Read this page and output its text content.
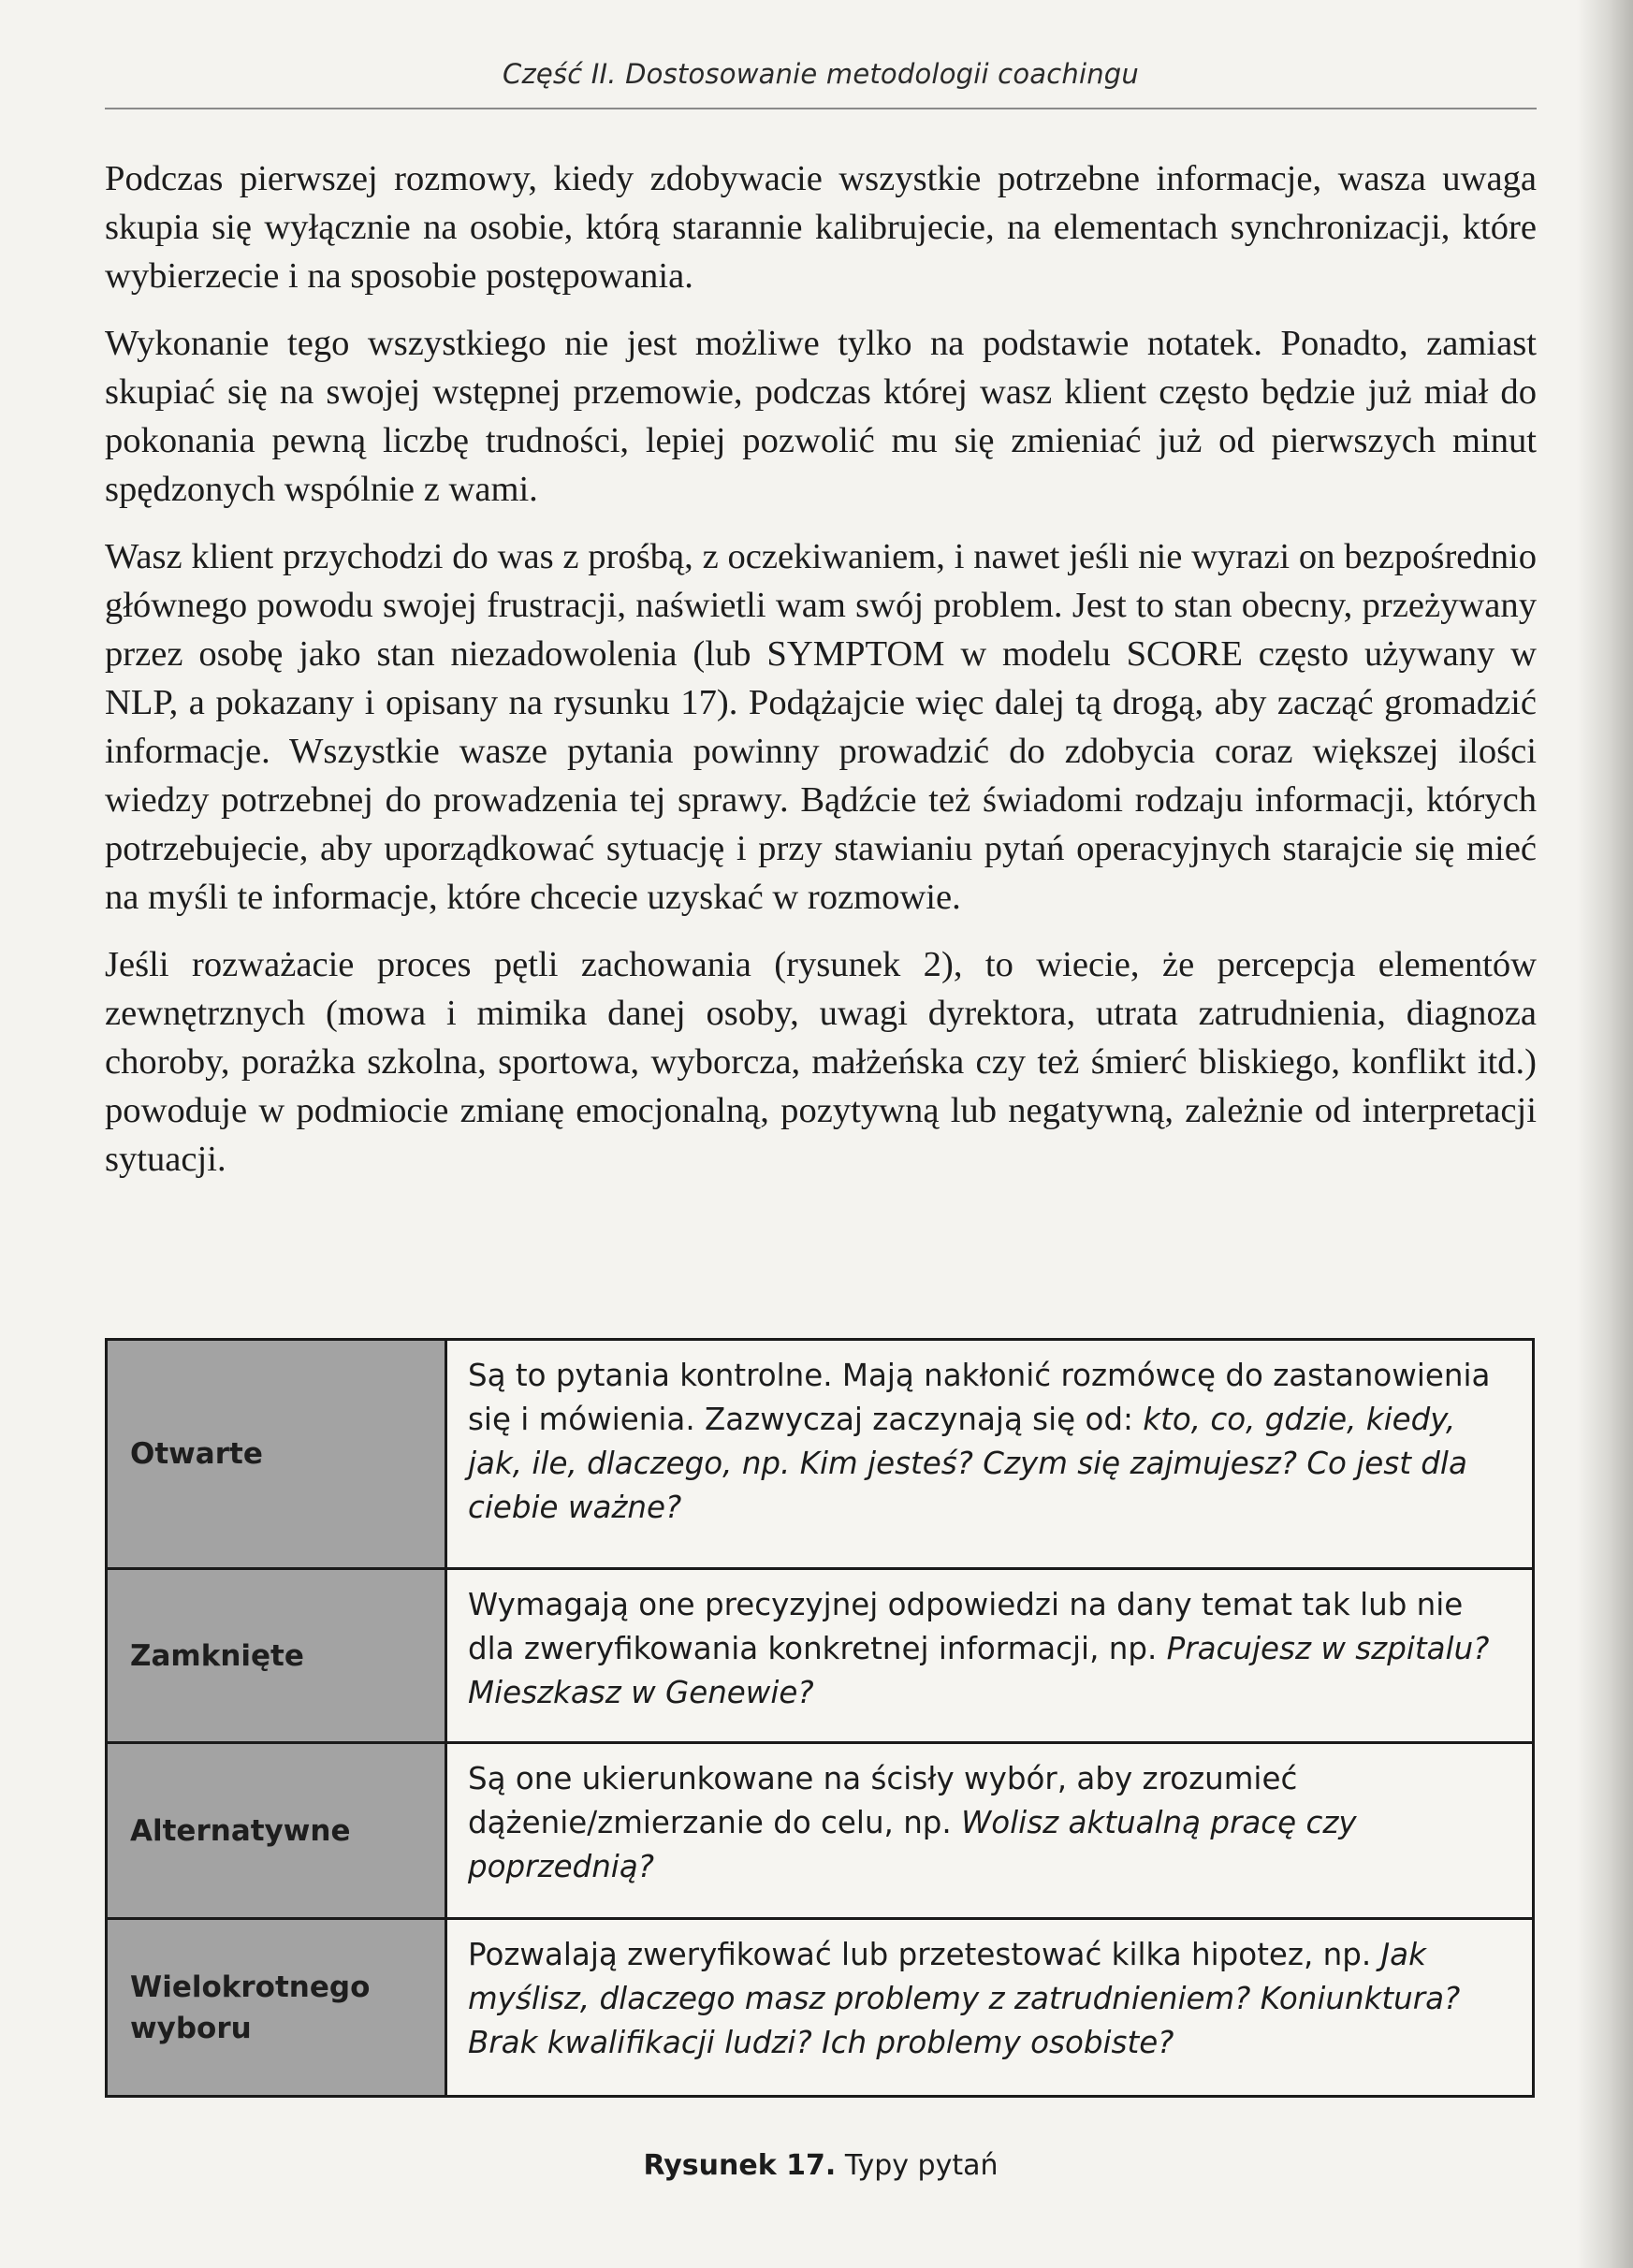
Część II. Dostosowanie metodologii coachingu

Podczas pierwszej rozmowy, kiedy zdobywacie wszystkie potrzebne informacje, wasza uwaga skupia się wyłącznie na osobie, którą starannie kalibrujecie, na elementach synchronizacji, które wybierzecie i na sposobie postępowania.

Wykonanie tego wszystkiego nie jest możliwe tylko na podstawie notatek. Ponadto, zamiast skupiać się na swojej wstępnej przemowie, podczas której wasz klient często będzie już miał do pokonania pewną liczbę trudności, lepiej pozwolić mu się zmieniać już od pierwszych minut spędzonych wspólnie z wami.

Wasz klient przychodzi do was z prośbą, z oczekiwaniem, i nawet jeśli nie wyrazi on bezpośrednio głównego powodu swojej frustracji, naświetli wam swój problem. Jest to stan obecny, przeżywany przez osobę jako stan niezadowolenia (lub SYMPTOM w modelu SCORE często używany w NLP, a pokazany i opisany na rysunku 17). Podążajcie więc dalej tą drogą, aby zacząć gromadzić informacje. Wszystkie wasze pytania powinny prowadzić do zdobycia coraz większej ilości wiedzy potrzebnej do prowadzenia tej sprawy. Bądźcie też świadomi rodzaju informacji, których potrzebujecie, aby uporządkować sytuację i przy stawianiu pytań operacyjnych starajcie się mieć na myśli te informacje, które chcecie uzyskać w rozmowie.

Jeśli rozważacie proces pętli zachowania (rysunek 2), to wiecie, że percepcja elementów zewnętrznych (mowa i mimika danej osoby, uwagi dyrektora, utrata zatrudnienia, diagnoza choroby, porażka szkolna, sportowa, wyborcza, małżeńska czy też śmierć bliskiego, konflikt itd.) powoduje w podmiocie zmianę emocjonalną, pozytywną lub negatywną, zależnie od interpretacji sytuacji.

Otwarte
Są to pytania kontrolne. Mają nakłonić rozmówcę do zastanowienia się i mówienia. Zazwyczaj zaczynają się od: kto, co, gdzie, kiedy, jak, ile, dlaczego, np. Kim jesteś? Czym się zajmujesz? Co jest dla ciebie ważne?
Zamknięte
Wymagają one precyzyjnej odpowiedzi na dany temat tak lub nie dla zweryfikowania konkretnej informacji, np. Pracujesz w szpitalu? Mieszkasz w Genewie?
Alternatywne
Są one ukierunkowane na ścisły wybór, aby zrozumieć dążenie/zmierzanie do celu, np. Wolisz aktualną pracę czy poprzednią?
Wielokrotnego wyboru
Pozwalają zweryfikować lub przetestować kilka hipotez, np. Jak myślisz, dlaczego masz problemy z zatrudnieniem? Koniunktura? Brak kwalifikacji ludzi? Ich problemy osobiste?
Rysunek 17. Typy pytań
